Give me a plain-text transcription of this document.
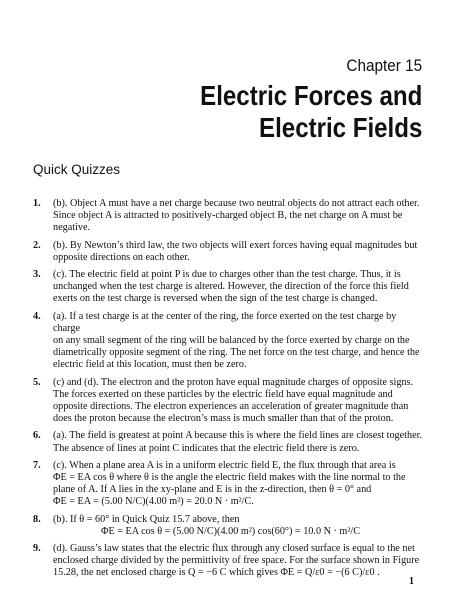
Chapter 15
Electric Forces and
Electric Fields
Quick Quizzes
1. (b). Object A must have a net charge because two neutral objects do not attract each other.
Since object A is attracted to positively-charged object B, the net charge on A must be
negative.
2. (b). By Newton’s third law, the two objects will exert forces having equal magnitudes but
opposite directions on each other.
3. (c). The electric field at point P is due to charges other than the test charge. Thus, it is
unchanged when the test charge is altered. However, the direction of the force this field
exerts on the test charge is reversed when the sign of the test charge is changed.
4. (a). If a test charge is at the center of the ring, the force exerted on the test charge by charge
on any small segment of the ring will be balanced by the force exerted by charge on the
diametrically opposite segment of the ring. The net force on the test charge, and hence the
electric field at this location, must then be zero.
5. (c) and (d). The electron and the proton have equal magnitude charges of opposite signs.
The forces exerted on these particles by the electric field have equal magnitude and
opposite directions. The electron experiences an acceleration of greater magnitude than
does the proton because the electron’s mass is much smaller than that of the proton.
6. (a). The field is greatest at point A because this is where the field lines are closest together.
The absence of lines at point C indicates that the electric field there is zero.
7. (c). When a plane area A is in a uniform electric field E, the flux through that area is
ΦE = EA cos θ where θ is the angle the electric field makes with the line normal to the
plane of A. If A lies in the xy-plane and E is in the z-direction, then θ = 0° and
ΦE = EA = (5.00 N/C)(4.00 m²) = 20.0 N · m²/C.
8. (b). If θ = 60° in Quick Quiz 15.7 above, then
ΦE = EA cos θ = (5.00 N/C)(4.00 m²) cos(60°) = 10.0 N · m²/C
9. (d). Gauss’s law states that the electric flux through any closed surface is equal to the net
enclosed charge divided by the permittivity of free space. For the surface shown in Figure
15.28, the net enclosed charge is Q = −6 C which gives ΦE = Q/ε0 = −(6 C)/ε0 .
1
